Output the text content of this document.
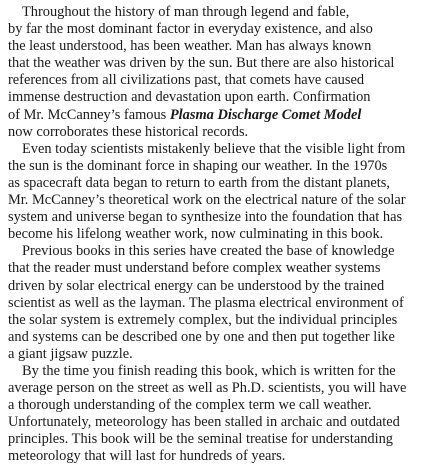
Throughout the history of man through legend and fable,
by far the most dominant factor in everyday existence, and also
the least understood, has been weather. Man has always known
that the weather was driven by the sun. But there are also historical
references from all civilizations past, that comets have caused
immense destruction and devastation upon earth. Confirmation
of Mr. McCanney’s famous Plasma Discharge Comet Model
now corroborates these historical records.

Even today scientists mistakenly believe that the visible light from
the sun is the dominant force in shaping our weather. In the 1970s
as spacecraft data began to return to earth from the distant planets,
Mr. McCanney’s theoretical work on the electrical nature of the solar
system and universe began to synthesize into the foundation that has
become his lifelong weather work, now culminating in this book.

Previous books in this series have created the base of knowledge
that the reader must understand before complex weather systems
driven by solar electrical energy can be understood by the trained
scientist as well as the layman. The plasma electrical environment of
the solar system is extremely complex, but the individual principles
and systems can be described one by one and then put together like
a giant jigsaw puzzle.

By the time you finish reading this book, which is written for the
average person on the street as well as Ph.D. scientists, you will have
a thorough understanding of the complex term we call weather.
Unfortunately, meteorology has been stalled in archaic and outdated
principles. This book will be the seminal treatise for understanding
meteorology that will last for hundreds of years.
